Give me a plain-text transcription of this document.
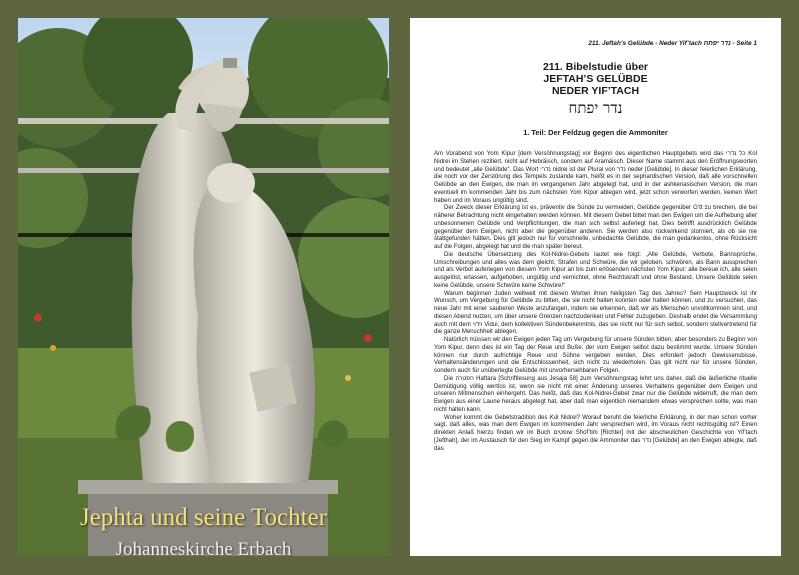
Jephta und seine Tochter
Johanneskirche Erbach
211. Jeftah’s Gelübde - Neder Yif’tach נדר יפתח - Seite 1
211. Bibelstudie über
JEFTAH’S GELÜBDE
NEDER YIF’TACH
נדר יפתח
1. Teil: Der Feldzug gegen die Ammoniter

Am Vorabend von Yom Kipur [dem Versöhnungstag] vor Beginn des eigentlichen Hauptgebets wird das כל נדרי Kol Nidrei im Stehen rezitiert, nicht auf Hebräisch, sondern auf Aramäisch. Dieser Name stammt aus den Eröffnungsworten und bedeutet „alle Gelübde“. Das Wort נדרי nidrei ist der Plural von נדר neder [Gelübde]. In dieser feierlichen Erklärung, die noch vor der Zerstörung des Tempels zustande kam, heißt es in der sephardischen Version, daß alle vorschnellen Gelübde an den Ewigen, die man im vergangenen Jahr abgelegt hat, und in der ashkenasischen Version, die man eventuell im kommenden Jahr bis zum nächsten Yom Kipur ablegen wird, jetzt schon verworfen werden, keinen Wert haben und im Voraus ungültig sind.

Der Zweck dieser Erklärung ist es, präventiv die Sünde zu vermeiden, Gelübde gegenüber G’tt zu brechen, die bei näherer Betrachtung nicht eingehalten werden können. Mit diesem Gebet bittet man den Ewigen um die Aufhebung aller unbesonnenen Gelübde und Verpflichtungen, die man sich selbst auferlegt hat. Dies betrifft ausdrücklich Gelübde gegenüber dem Ewigen, nicht aber die gegenüber anderen. Sie werden also rückwirkend storniert, als ob sie nie stattgefunden hätten. Dies gilt jedoch nur für vorschnelle, unbedachte Gelübde, die man gedankenlos, ohne Rücksicht auf die Folgen, abgelegt hat und die man später bereut.

Die deutsche Übersetzung des Kol-Nidrei-Gebets lautet wie folgt: „Alle Gelübde, Verbote, Bannsprüche, Umschreibungen und alles was dem gleicht, Strafen und Schwüre, die wir geloben, schwören, als Bann aussprechen und als Verbot auferlegen von diesem Yom Kipur an bis zum erlösenden nächsten Yom Kipur: alle bereue ich, alle seien ausgelöst, erlassen, aufgehoben, ungültig und vernichtet, ohne Rechtskraft und ohne Bestand. Unsere Gelübde seien keine Gelübde, unsere Schwüre keine Schwüre!“

Warum beginnen Juden weltweit mit diesen Worten ihren heiligsten Tag des Jahres? Sein Hauptzweck ist ihr Wunsch, um Vergebung für Gelübde zu bitten, die sie nicht halten konnten oder halten können, und zu versuchen, das neue Jahr mit einer sauberen Weste anzufangen, indem sie erkennen, daß wir als Menschen unvollkommen sind, und diesen Abend nutzen, um über unsere Grenzen nachzudenken und Fehler zuzugeben. Deshalb endet die Versammlung auch mit dem וידוי Vidui, dem kollektiven Sündenbekenntnis, das sie nicht nur für sich selbst, sondern stellvertretend für die ganze Menschheit ablegen.

Natürlich müssen wir den Ewigen jeden Tag um Vergebung für unsere Sünden bitten, aber besonders zu Beginn von Yom Kipur, denn dies ist ein Tag der Reue und Buße, der vom Ewigen selbst dazu bestimmt wurde. Unsere Sünden können nur durch aufrichtige Reue und Sühne vergeben werden. Dies erfordert jedoch Gewissensbisse, Verhaltensänderungen und die Entschlossenheit, sich nicht zu wiederholen. Das gilt nicht nur für unsere Sünden, sondern auch für unüberlegte Gelübde mit unvorhersehbaren Folgen.

Die הפטרה Haftara [Schriftlesung aus Jesaja 58] zum Versöhnungstag lehrt uns daher, daß die äußerliche rituelle Demütigung völlig wertlos ist, wenn sie nicht mit einer Änderung unseres Verhaltens gegenüber dem Ewigen und unseren Mitmenschen einhergeht. Das heißt, daß das Kol-Nidrei-Gebet zwar nur die Gelübde widerruft, die man dem Ewigen aus einer Laune heraus abgelegt hat, aber daß man eigentlich niemandem etwas versprechen sollte, was man nicht halten kann.

Woher kommt die Gebetstradition des Kol Nidrei? Worauf beruht die feierliche Erklärung, in der man schon vorher sagt, daß alles, was man dem Ewigen im kommenden Jahr versprechen wird, im Voraus nicht rechtsgültig ist? Einen direkten Anlaß hierzu finden wir im Buch שופטים Shof’tim [Richter] mit der abscheulichen Geschichte von Yif’tach [Jefthah], der im Austausch für den Sieg im Kampf gegen die Ammoniter das נדר [Gelübde] an den Ewigen ablegte, daß das
